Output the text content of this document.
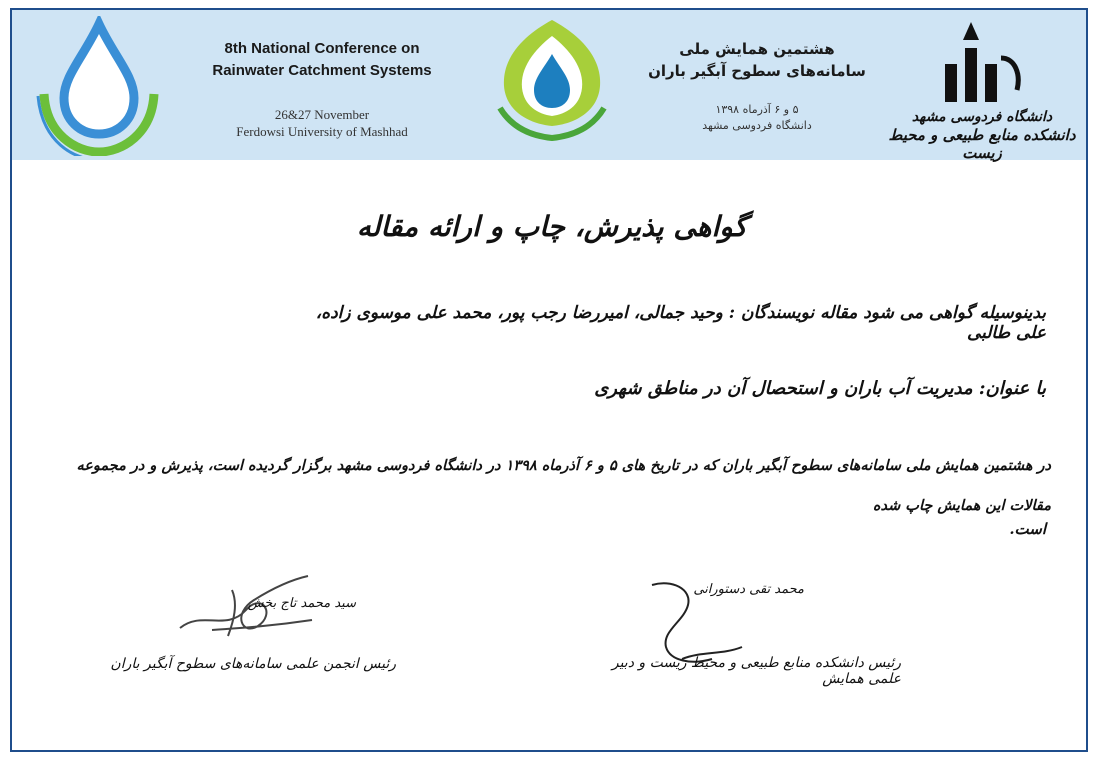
8th National Conference on
Rainwater Catchment Systems
26&27 November
Ferdowsi University of Mashhad
هشتمین همایش ملی
سامانه‌های سطوح آبگیر باران
۵ و ۶ آذرماه ۱۳۹۸
دانشگاه فردوسی مشهد
دانشگاه فردوسی مشهد
دانشکده منابع طبیعی و محیط زیست
گواهی پذیرش، چاپ و ارائه مقاله
بدینوسیله گواهی می شود مقاله نویسندگان : وحید جمالی، امیررضا رجب پور، محمد علی موسوی زاده، علی طالبی
با عنوان: مدیریت آب باران و استحصال آن در مناطق شهری
در هشتمین همایش ملی سامانه‌های سطوح آبگیر باران که در تاریخ های ۵ و ۶ آذرماه ۱۳۹۸ در دانشگاه فردوسی مشهد برگزار گردیده است، پذیرش و در مجموعه مقالات این همایش چاپ شده
است.
سید محمد تاج بخش
رئیس انجمن علمی سامانه‌های سطوح آبگیر باران
محمد تقی دستورانی
رئیس دانشکده منابع طبیعی و محیط زیست و دبیر علمی همایش
